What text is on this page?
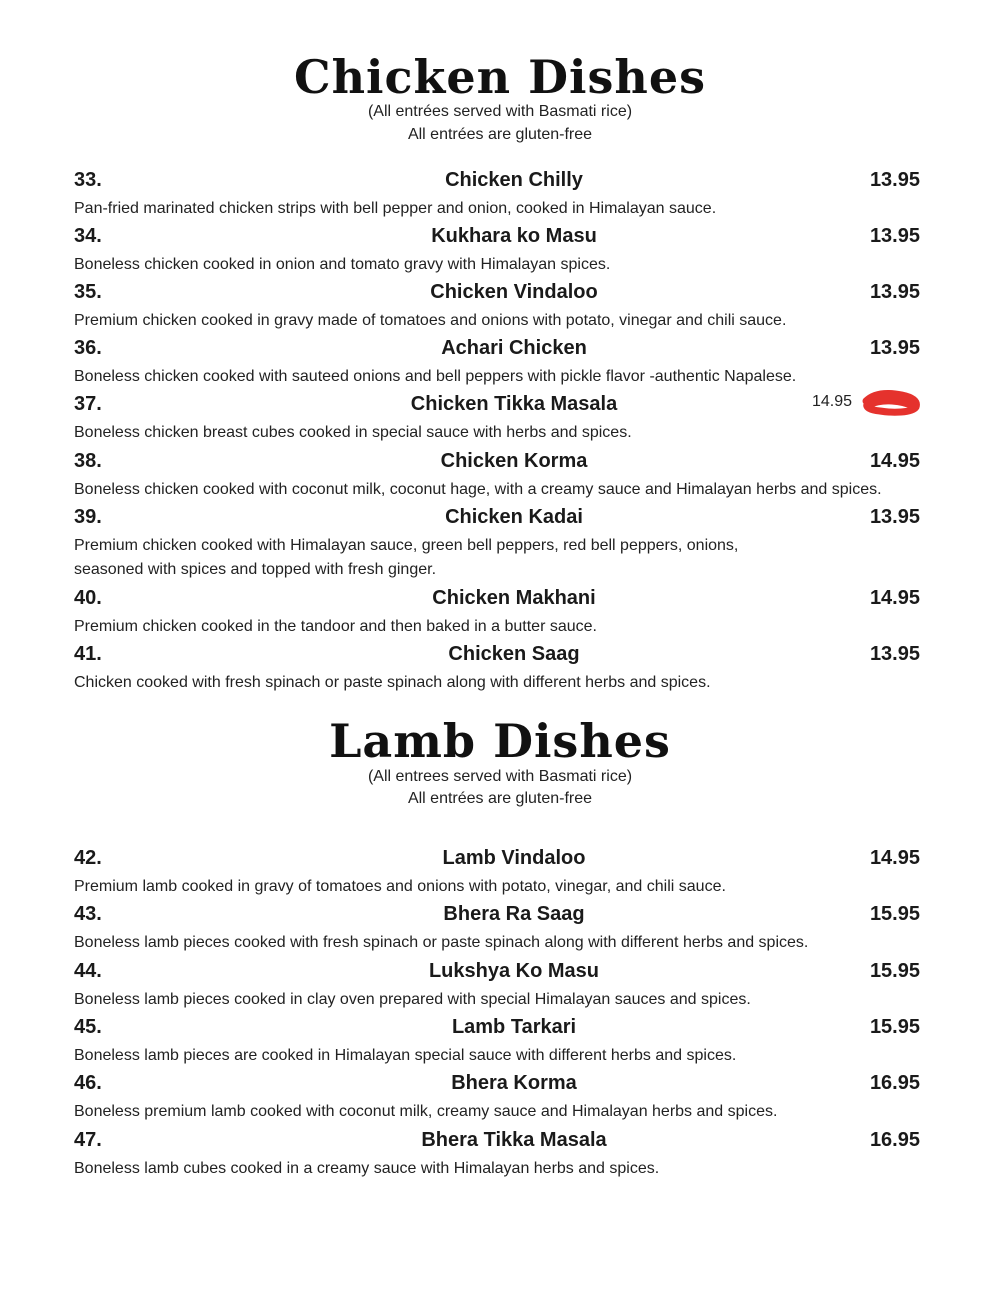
Chicken Dishes
(All entrées served with Basmati rice)
All entrées are gluten-free
33.	Chicken Chilly	13.95
Pan-fried marinated chicken strips with bell pepper and onion, cooked in Himalayan sauce.
34.	Kukhara ko Masu	13.95
Boneless chicken cooked in onion and tomato gravy with Himalayan spices.
35.	Chicken Vindaloo	13.95
Premium chicken cooked in gravy made of tomatoes and onions with potato, vinegar and chili sauce.
36.	Achari Chicken	13.95
Boneless chicken cooked with sauteed onions and bell peppers with pickle flavor -authentic Napalese.
37.	Chicken Tikka Masala	14.95
Boneless chicken breast cubes cooked in special sauce with herbs and spices.
38.	Chicken Korma	14.95
Boneless chicken cooked with coconut milk, coconut hage, with a creamy sauce and Himalayan herbs and spices.
39.	Chicken Kadai	13.95
Premium chicken cooked with Himalayan sauce, green bell peppers, red bell peppers, onions,
seasoned with spices and topped with fresh ginger.
40.	Chicken Makhani	14.95
Premium chicken cooked in the tandoor and then baked in a butter sauce.
41.	Chicken Saag	13.95
Chicken cooked with fresh spinach or paste spinach along with different herbs and spices.
Lamb Dishes
(All entrees served with Basmati rice)
All entrées are gluten-free
42.	Lamb Vindaloo	14.95
Premium lamb cooked in gravy of tomatoes and onions with potato, vinegar, and chili sauce.
43.	Bhera Ra Saag	15.95
Boneless lamb pieces cooked with fresh spinach or paste spinach along with different herbs and spices.
44.	Lukshya Ko Masu	15.95
Boneless lamb pieces cooked in clay oven prepared with special Himalayan sauces and spices.
45.	Lamb Tarkari	15.95
Boneless lamb pieces are cooked in Himalayan special sauce with different herbs and spices.
46.	Bhera Korma	16.95
Boneless premium lamb cooked with coconut milk, creamy sauce and Himalayan herbs and spices.
47.	Bhera Tikka Masala	16.95
Boneless lamb cubes cooked in a creamy sauce with Himalayan herbs and spices.
